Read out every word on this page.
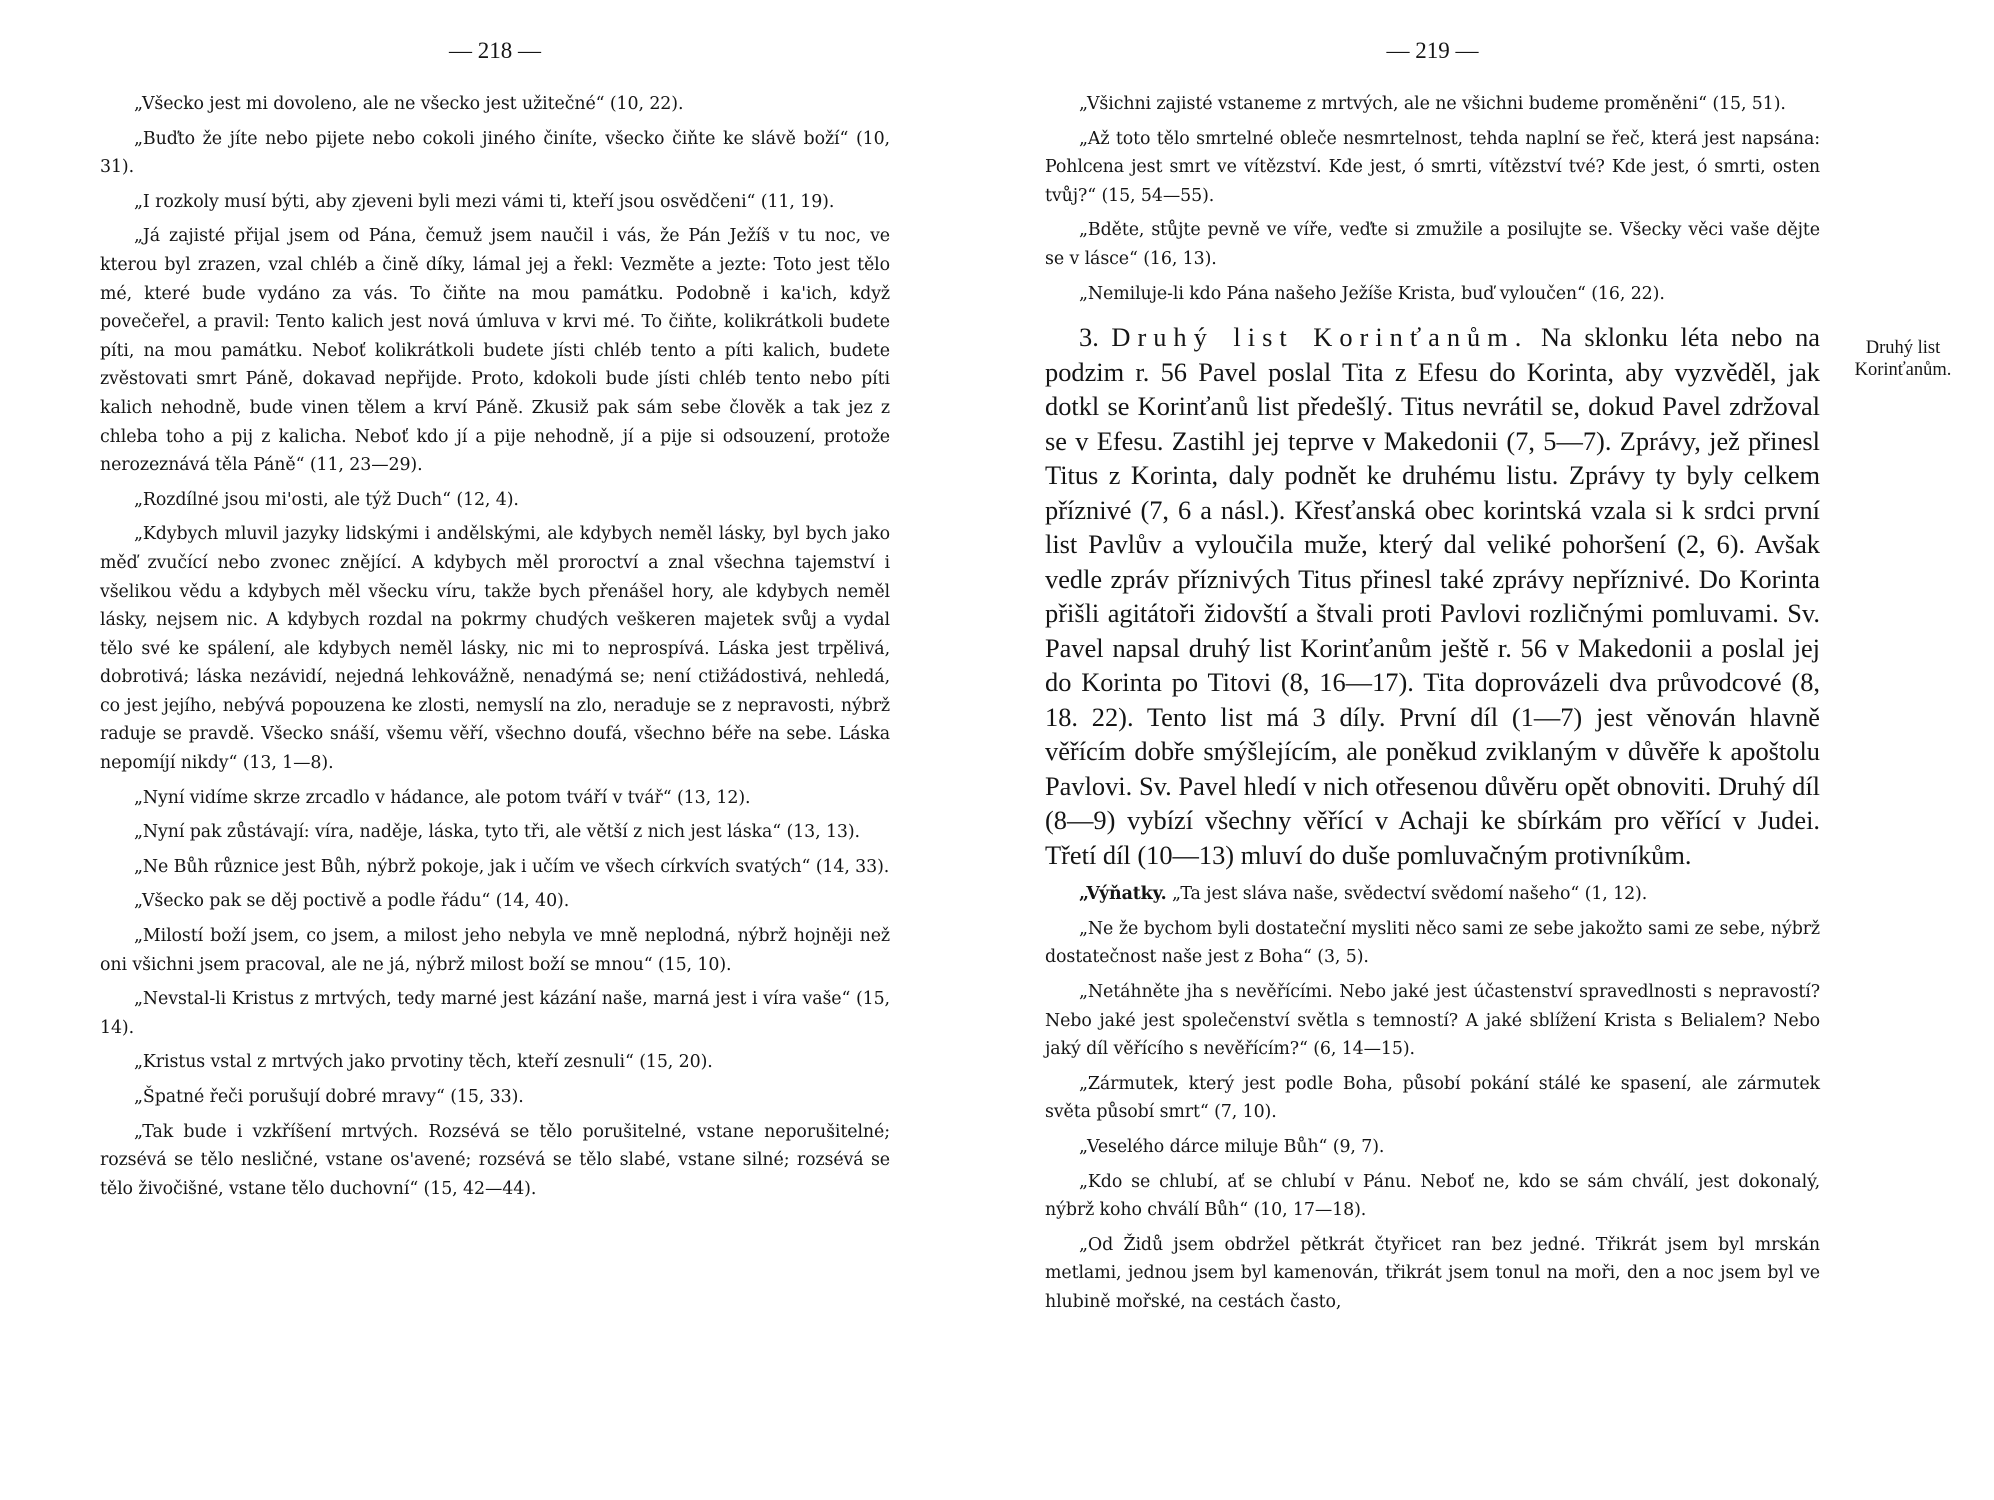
— 218 —

„Všecko jest mi dovoleno, ale ne všecko jest užitečné“ (10, 22).

„Buďto že jíte nebo pijete nebo cokoli jiného činíte, všecko čiňte ke slávě boží“ (10, 31).

„I rozkoly musí býti, aby zjeveni byli mezi vámi ti, kteří jsou osvědčeni“ (11, 19).

„Já zajisté přijal jsem od Pána, čemuž jsem naučil i vás, že Pán Ježíš v tu noc, ve kterou byl zrazen, vzal chléb a čině díky, lámal jej a řekl: Vezměte a jezte: Toto jest tělo mé, které bude vydáno za vás. To čiňte na mou památku. Podobně i ka'ich, když povečeřel, a pravil: Tento kalich jest nová úmluva v krvi mé. To čiňte, kolikrátkoli budete píti, na mou památku. Neboť kolikrátkoli budete jísti chléb tento a píti kalich, budete zvěstovati smrt Páně, dokavad nepřijde. Proto, kdokoli bude jísti chléb tento nebo píti kalich nehodně, bude vinen tělem a krví Páně. Zkusiž pak sám sebe člověk a tak jez z chleba toho a pij z kalicha. Neboť kdo jí a pije nehodně, jí a pije si odsouzení, protože nerozeznává těla Páně“ (11, 23—29).

„Rozdílné jsou mi'osti, ale týž Duch“ (12, 4).

„Kdybych mluvil jazyky lidskými i andělskými, ale kdybych neměl lásky, byl bych jako měď zvučící nebo zvonec znějící. A kdybych měl proroctví a znal všechna tajemství i všelikou vědu a kdybych měl všecku víru, takže bych přenášel hory, ale kdybych neměl lásky, nejsem nic. A kdybych rozdal na pokrmy chudých veškeren majetek svůj a vydal tělo své ke spálení, ale kdybych neměl lásky, nic mi to neprospívá. Láska jest trpělivá, dobrotivá; láska nezávidí, nejedná lehkovážně, nenadýmá se; není ctižádostivá, nehledá, co jest jejího, nebývá popouzena ke zlosti, nemyslí na zlo, neraduje se z nepravosti, nýbrž raduje se pravdě. Všecko snáší, všemu věří, všechno doufá, všechno béře na sebe. Láska nepomíjí nikdy“ (13, 1—8).

„Nyní vidíme skrze zrcadlo v hádance, ale potom tváří v tvář“ (13, 12).

„Nyní pak zůstávají: víra, naděje, láska, tyto tři, ale větší z nich jest láska“ (13, 13).

„Ne Bůh různice jest Bůh, nýbrž pokoje, jak i učím ve všech církvích svatých“ (14, 33).

„Všecko pak se děj poctivě a podle řádu“ (14, 40).

„Milostí boží jsem, co jsem, a milost jeho nebyla ve mně neplodná, nýbrž hojněji než oni všichni jsem pracoval, ale ne já, nýbrž milost boží se mnou“ (15, 10).

„Nevstal-li Kristus z mrtvých, tedy marné jest kázání naše, marná jest i víra vaše“ (15, 14).

„Kristus vstal z mrtvých jako prvotiny těch, kteří zesnuli“ (15, 20).

„Špatné řeči porušují dobré mravy“ (15, 33).

„Tak bude i vzkříšení mrtvých. Rozsévá se tělo porušitelné, vstane neporušitelné; rozsévá se tělo nesličné, vstane os'avené; rozsévá se tělo slabé, vstane silné; rozsévá se tělo živočišné, vstane tělo duchovní“ (15, 42—44).

— 219 —

„Všichni zajisté vstaneme z mrtvých, ale ne všichni budeme proměněni“ (15, 51).

„Až toto tělo smrtelné obleče nesmrtelnost, tehda naplní se řeč, která jest napsána: Pohlcena jest smrt ve vítězství. Kde jest, ó smrti, vítězství tvé? Kde jest, ó smrti, osten tvůj?“ (15, 54—55).

„Bděte, stůjte pevně ve víře, veďte si zmužile a posilujte se. Všecky věci vaše dějte se v lásce“ (16, 13).

„Nemiluje-li kdo Pána našeho Ježíše Krista, buď vyloučen“ (16, 22).

3. Druhý list Korinťanům. Na sklonku léta nebo na podzim r. 56 Pavel poslal Tita z Efesu do Korinta, aby vyzvěděl, jak dotkl se Korinťanů list předešlý. Titus nevrátil se, dokud Pavel zdržoval se v Efesu. Zastihl jej teprve v Makedonii (7, 5—7). Zprávy, jež přinesl Titus z Korinta, daly podnět ke druhému listu. Zprávy ty byly celkem příznivé (7, 6 a násl.). Křesťanská obec korintská vzala si k srdci první list Pavlův a vyloučila muže, který dal veliké pohoršení (2, 6). Avšak vedle zpráv příznivých Titus přinesl také zprávy nepříznivé. Do Korinta přišli agitátoři židovští a štvali proti Pavlovi rozličnými pomluvami. Sv. Pavel napsal druhý list Korinťanům ještě r. 56 v Makedonii a poslal jej do Korinta po Titovi (8, 16—17). Tita doprovázeli dva průvodcové (8, 18. 22). Tento list má 3 díly. První díl (1—7) jest věnován hlavně věřícím dobře smýšlejícím, ale poněkud zviklaným v důvěře k apoštolu Pavlovi. Sv. Pavel hledí v nich otřesenou důvěru opět obnoviti. Druhý díl (8—9) vybízí všechny věřící v Achaji ke sbírkám pro věřící v Judei. Třetí díl (10—13) mluví do duše pomluvačným protivníkům.

„Výňatky. „Ta jest sláva naše, svědectví svědomí našeho“ (1, 12).

„Ne že bychom byli dostateční mysliti něco sami ze sebe jakožto sami ze sebe, nýbrž dostatečnost naše jest z Boha“ (3, 5).

„Netáhněte jha s nevěřícími. Nebo jaké jest účastenství spravedlnosti s nepravostí? Nebo jaké jest společenství světla s temností? A jaké sblížení Krista s Belialem? Nebo jaký díl věřícího s nevěřícím?“ (6, 14—15).

„Zármutek, který jest podle Boha, působí pokání stálé ke spasení, ale zármutek světa působí smrt“ (7, 10).

„Veselého dárce miluje Bůh“ (9, 7).

„Kdo se chlubí, ať se chlubí v Pánu. Neboť ne, kdo se sám chválí, jest dokonalý, nýbrž koho chválí Bůh“ (10, 17—18).

„Od Židů jsem obdržel pětkrát čtyřicet ran bez jedné. Třikrát jsem byl mrskán metlami, jednou jsem byl kamenován, třikrát jsem tonul na moři, den a noc jsem byl ve hlubině mořské, na cestách často,

Druhý list
Korinťanům.
